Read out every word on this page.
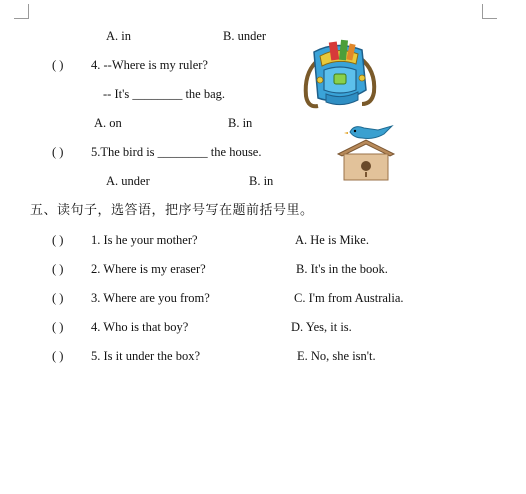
A. in	B. under
( ) 4. --Where is my ruler?
-- It's ________ the bag.
A. on	B. in
( ) 5.The bird is ________ the house.
A. under	B. in
五、读句子，选答语，把序号写在题前括号里。
( ) 1. Is he your mother?	A. He is Mike.
( ) 2. Where is my eraser?	B. It's in the book.
( ) 3. Where are you from?	C. I'm from Australia.
( ) 4. Who is that boy?	D. Yes, it is.
( ) 5. Is it under the box?	E. No, she isn't.
